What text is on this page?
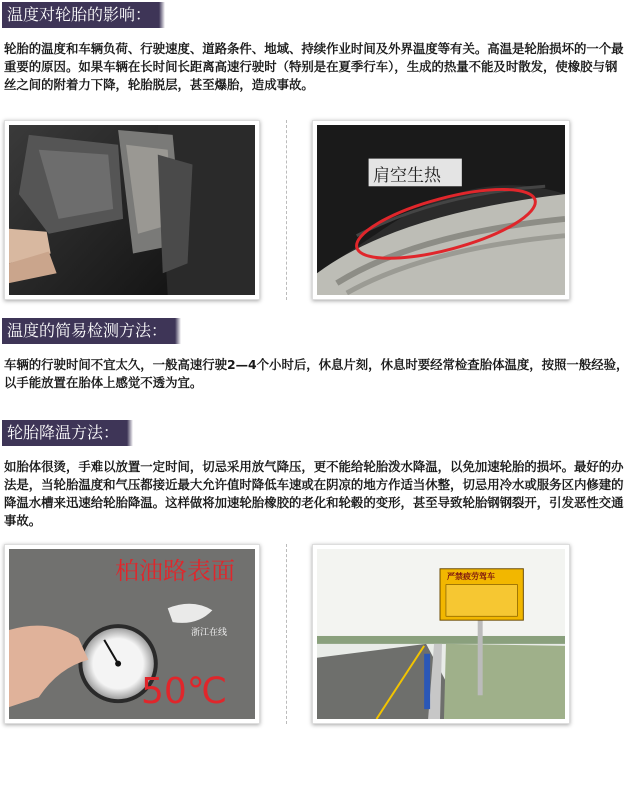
温度对轮胎的影响：

轮胎的温度和车辆负荷、行驶速度、道路条件、地域、持续作业时间及外界温度等有关。高温是轮胎损坏的一个最重要的原因。如果车辆在长时间长距离高速行驶时（特别是在夏季行车），生成的热量不能及时散发，使橡胶与钢丝之间的附着力下降，轮胎脱层，甚至爆胎，造成事故。

肩空生热
温度的简易检测方法：

车辆的行驶时间不宜太久，一般高速行驶2—4个小时后，休息片刻，休息时要经常检查胎体温度，按照一般经验，以手能放置在胎体上感觉不透为宜。

轮胎降温方法：

如胎体很烫，手难以放置一定时间，切忌采用放气降压，更不能给轮胎泼水降温，以免加速轮胎的损坏。最好的办法是，当轮胎温度和气压都接近最大允许值时降低车速或在阴凉的地方作适当休整，切忌用冷水或服务区内修建的降温水槽来迅速给轮胎降温。这样做将加速轮胎橡胶的老化和轮毂的变形，甚至导致轮胎钢钢裂开，引发恶性交通事故。

柏油路表面
浙江在线
50℃
严禁疲劳驾车
